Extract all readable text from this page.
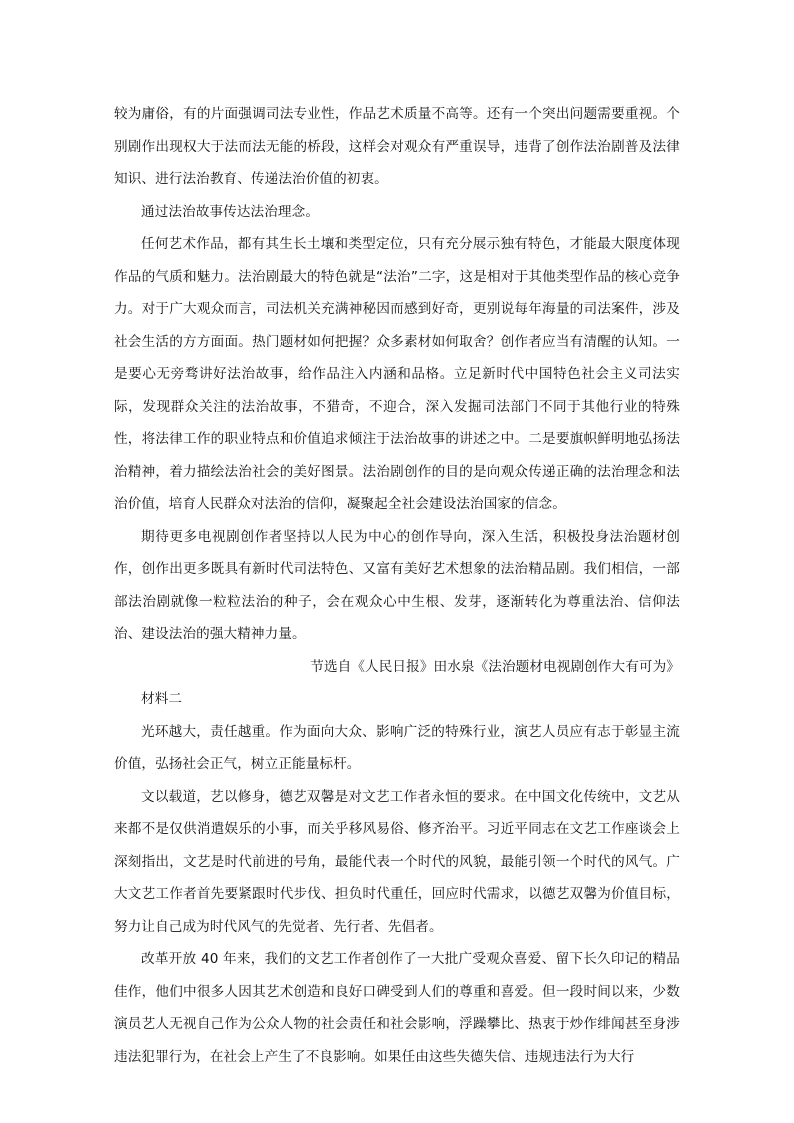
较为庸俗，有的片面强调司法专业性，作品艺术质量不高等。还有一个突出问题需要重视。个别剧作出现权大于法而法无能的桥段，这样会对观众有严重误导，违背了创作法治剧普及法律知识、进行法治教育、传递法治价值的初衷。

通过法治故事传达法治理念。

任何艺术作品，都有其生长土壤和类型定位，只有充分展示独有特色，才能最大限度体现作品的气质和魅力。法治剧最大的特色就是“法治”二字，这是相对于其他类型作品的核心竞争力。对于广大观众而言，司法机关充满神秘因而感到好奇，更别说每年海量的司法案件，涉及社会生活的方方面面。热门题材如何把握？众多素材如何取舍？创作者应当有清醒的认知。一是要心无旁骛讲好法治故事，给作品注入内涵和品格。立足新时代中国特色社会主义司法实际，发现群众关注的法治故事，不猎奇，不迎合，深入发掘司法部门不同于其他行业的特殊性，将法律工作的职业特点和价值追求倾注于法治故事的讲述之中。二是要旗帜鲜明地弘扬法治精神，着力描绘法治社会的美好图景。法治剧创作的目的是向观众传递正确的法治理念和法治价值，培育人民群众对法治的信仰，凝聚起全社会建设法治国家的信念。

期待更多电视剧创作者坚持以人民为中心的创作导向，深入生活，积极投身法治题材创作，创作出更多既具有新时代司法特色、又富有美好艺术想象的法治精品剧。我们相信，一部部法治剧就像一粒粒法治的种子，会在观众心中生根、发芽，逐渐转化为尊重法治、信仰法治、建设法治的强大精神力量。

节选自《人民日报》田水泉《法治题材电视剧创作大有可为》

材料二

光环越大，责任越重。作为面向大众、影响广泛的特殊行业，演艺人员应有志于彰显主流价值，弘扬社会正气，树立正能量标杆。

文以载道，艺以修身，德艺双馨是对文艺工作者永恒的要求。在中国文化传统中，文艺从来都不是仅供消遣娱乐的小事，而关乎移风易俗、修齐治平。习近平同志在文艺工作座谈会上深刻指出，文艺是时代前进的号角，最能代表一个时代的风貌，最能引领一个时代的风气。广大文艺工作者首先要紧跟时代步伐、担负时代重任，回应时代需求，以德艺双馨为价值目标，努力让自己成为时代风气的先觉者、先行者、先倡者。

改革开放 40 年来，我们的文艺工作者创作了一大批广受观众喜爱、留下长久印记的精品佳作，他们中很多人因其艺术创造和良好口碑受到人们的尊重和喜爱。但一段时间以来，少数演员艺人无视自己作为公众人物的社会责任和社会影响，浮躁攀比、热衷于炒作绯闻甚至身涉违法犯罪行为，在社会上产生了不良影响。如果任由这些失德失信、违规违法行为大行
